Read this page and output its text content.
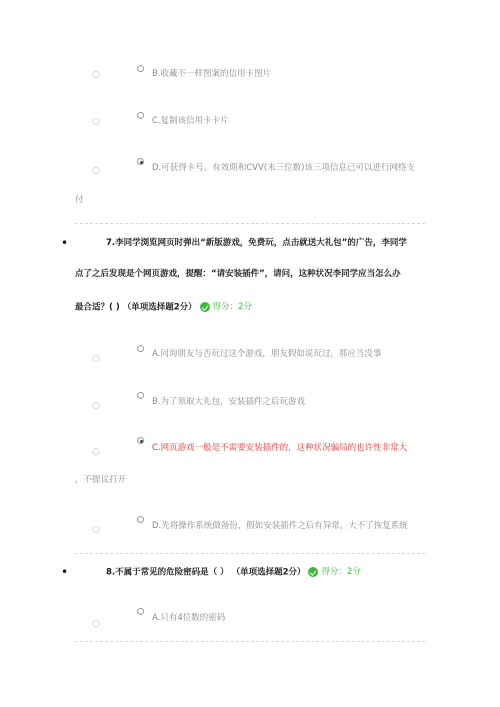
○	B.收藏不一样图案的信用卡图片
○	C.复制该信用卡卡片
○	D.可获得卡号、有效期和CVV(末三位数)该三项信息已可以进行网络支
付
•	7.李同学浏览网页时弹出“新版游戏，免费玩，点击就送大礼包”的广告，李同学
点了之后发现是个网页游戏，提醒：“请安装插件”，请问，这种状况李同学应当怎么办
最合适？( ) （单项选择题2分） 得分：2分
○	A.问询朋友与否玩过这个游戏，朋友假如说玩过，那应当没事
○	B.为了领取大礼包，安装插件之后玩游戏
○	C.网页游戏一般是不需要安装插件的，这种状况骗局的也许性非常大
，不提议打开
○	D.先将操作系统做备份，假如安装插件之后有异常，大不了恢复系统
•	8.不属于常见的危险密码是（ ） （单项选择题2分） 得分：2分
○
A.只有4位数的密码
